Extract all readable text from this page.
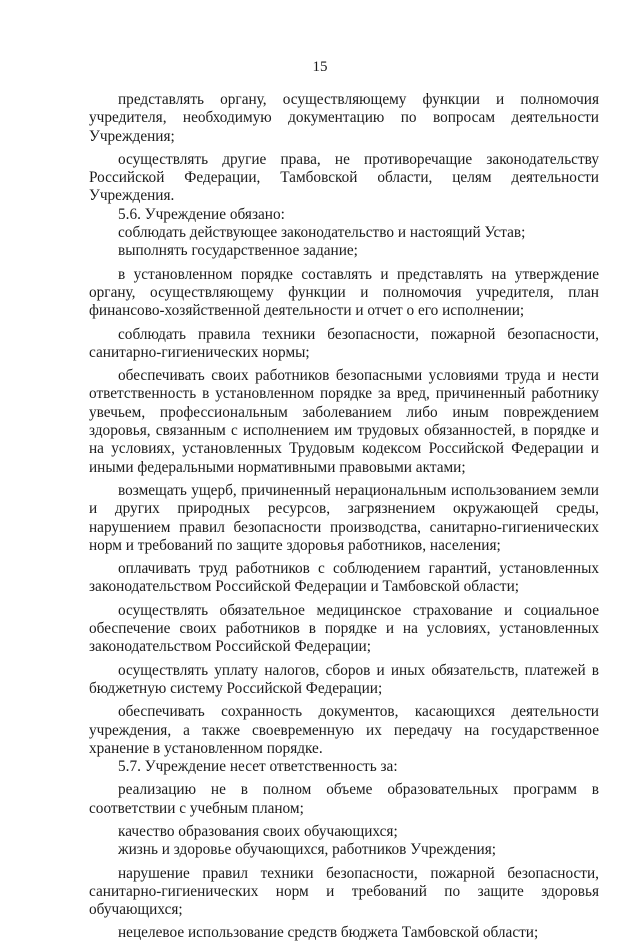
15

представлять органу, осуществляющему функции и полномочия учредителя, необходимую документацию по вопросам деятельности Учреждения;

осуществлять другие права, не противоречащие законодательству Российской Федерации, Тамбовской области, целям деятельности Учреждения.

5.6. Учреждение обязано:

соблюдать действующее законодательство и настоящий Устав;

выполнять государственное задание;

в установленном порядке составлять и представлять на утверждение органу, осуществляющему функции и полномочия учредителя, план финансово-хозяйственной деятельности и отчет о его исполнении;

соблюдать правила техники безопасности, пожарной безопасности, санитарно-гигиенических нормы;

обеспечивать своих работников безопасными условиями труда и нести ответственность в установленном порядке за вред, причиненный работнику увечьем, профессиональным заболеванием либо иным повреждением здоровья, связанным с исполнением им трудовых обязанностей, в порядке и на условиях, установленных Трудовым кодексом Российской Федерации и иными федеральными нормативными правовыми актами;

возмещать ущерб, причиненный нерациональным использованием земли и других природных ресурсов, загрязнением окружающей среды, нарушением правил безопасности производства, санитарно-гигиенических норм и требований по защите здоровья работников, населения;

оплачивать труд работников с соблюдением гарантий, установленных законодательством Российской Федерации и Тамбовской области;

осуществлять обязательное медицинское страхование и социальное обеспечение своих работников в порядке и на условиях, установленных законодательством Российской Федерации;

осуществлять уплату налогов, сборов и иных обязательств, платежей в бюджетную систему Российской Федерации;

обеспечивать сохранность документов, касающихся деятельности учреждения, а также своевременную их передачу на государственное хранение в установленном порядке.

5.7. Учреждение несет ответственность за:

реализацию не в полном объеме образовательных программ в соответствии с учебным планом;

качество образования своих обучающихся;

жизнь и здоровье обучающихся, работников Учреждения;

нарушение правил техники безопасности, пожарной безопасности, санитарно-гигиенических норм и требований по защите здоровья обучающихся;

нецелевое использование средств бюджета Тамбовской области;
